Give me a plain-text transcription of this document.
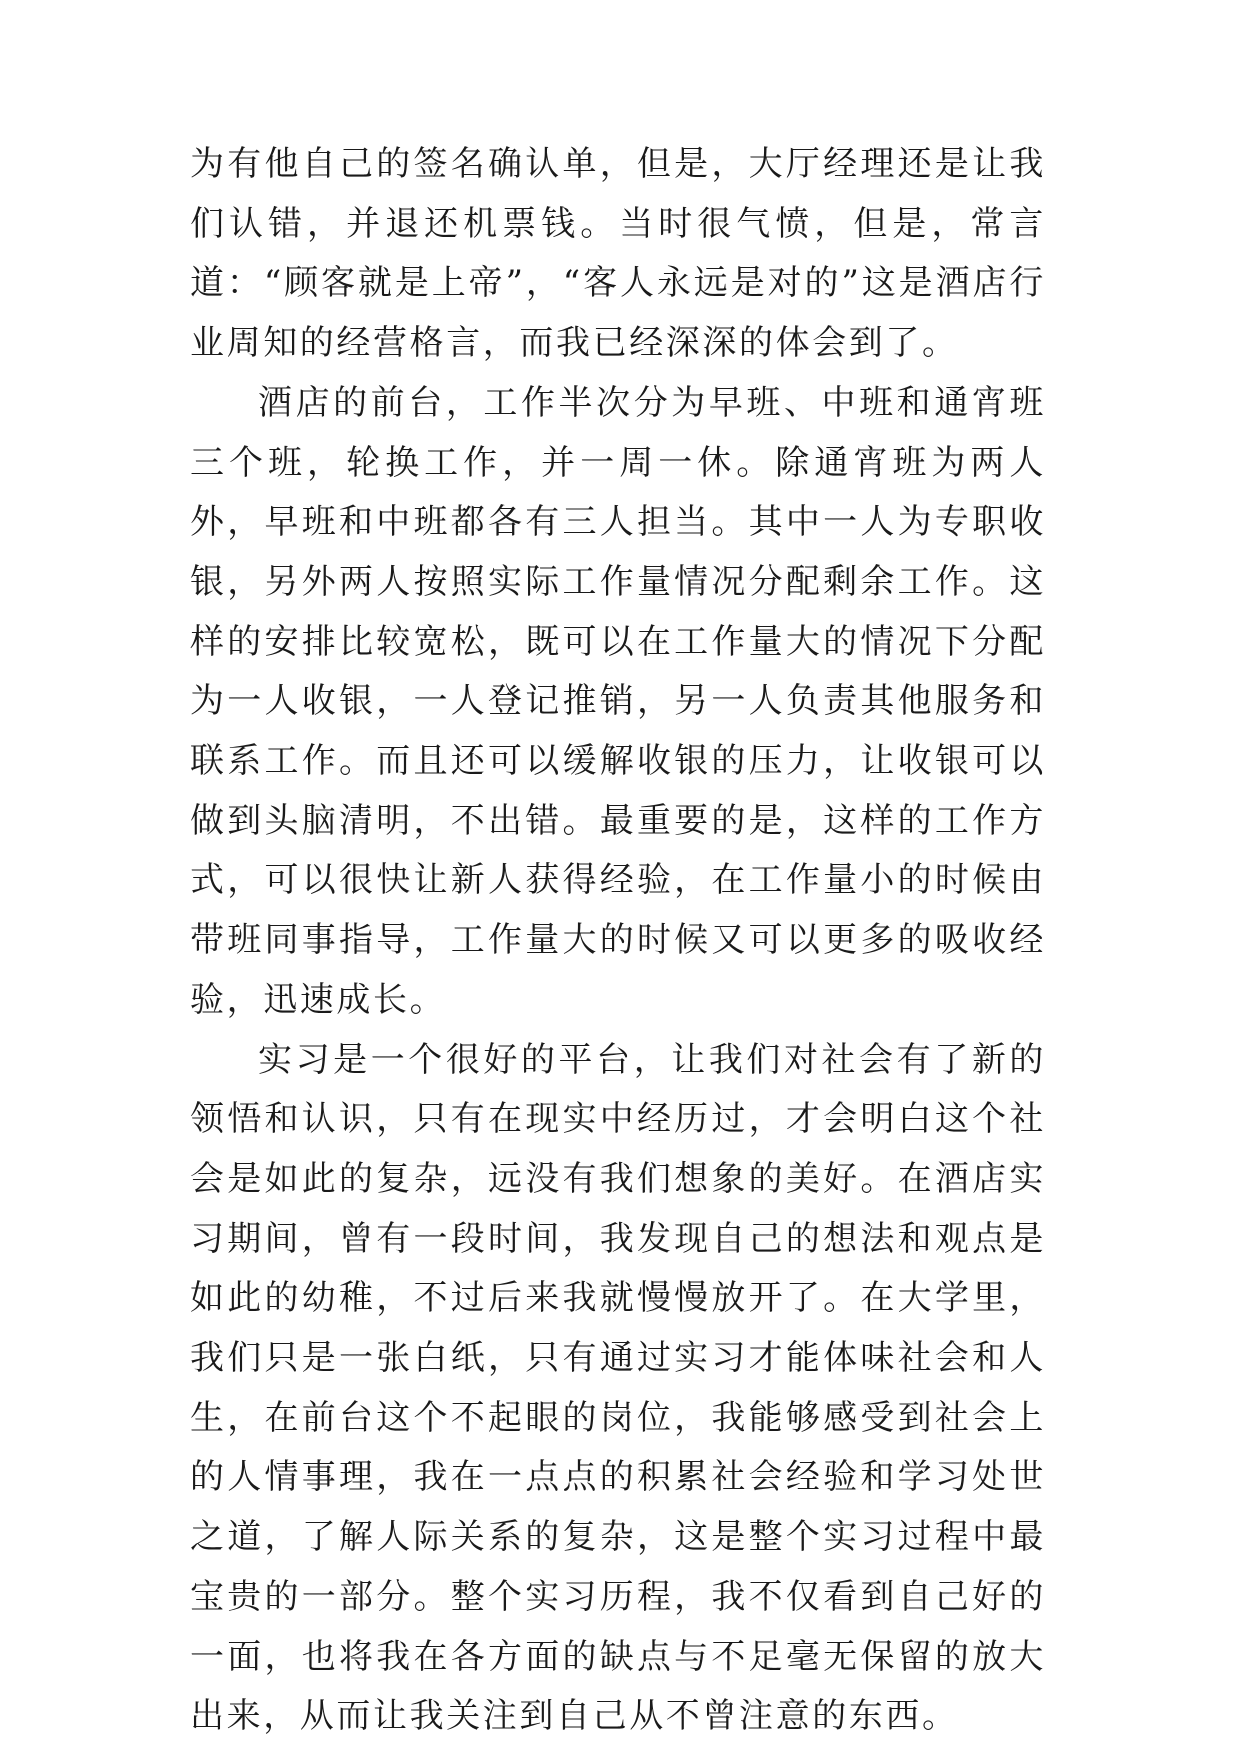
为有他自己的签名确认单，但是，大厅经理还是让我们认错，并退还机票钱。当时很气愤，但是，常言道：“顾客就是上帝”，“客人永远是对的”这是酒店行业周知的经营格言，而我已经深深的体会到了。

酒店的前台，工作半次分为早班、中班和通宵班三个班，轮换工作，并一周一休。除通宵班为两人外，早班和中班都各有三人担当。其中一人为专职收银，另外两人按照实际工作量情况分配剩余工作。这样的安排比较宽松，既可以在工作量大的情况下分配为一人收银，一人登记推销，另一人负责其他服务和联系工作。而且还可以缓解收银的压力，让收银可以做到头脑清明，不出错。最重要的是，这样的工作方式，可以很快让新人获得经验，在工作量小的时候由带班同事指导，工作量大的时候又可以更多的吸收经验，迅速成长。

实习是一个很好的平台，让我们对社会有了新的领悟和认识，只有在现实中经历过，才会明白这个社会是如此的复杂，远没有我们想象的美好。在酒店实习期间，曾有一段时间，我发现自己的想法和观点是如此的幼稚，不过后来我就慢慢放开了。在大学里，我们只是一张白纸，只有通过实习才能体味社会和人生，在前台这个不起眼的岗位，我能够感受到社会上的人情事理，我在一点点的积累社会经验和学习处世之道，了解人际关系的复杂，这是整个实习过程中最宝贵的一部分。整个实习历程，我不仅看到自己好的一面，也将我在各方面的缺点与不足毫无保留的放大出来，从而让我关注到自己从不曾注意的东西。
